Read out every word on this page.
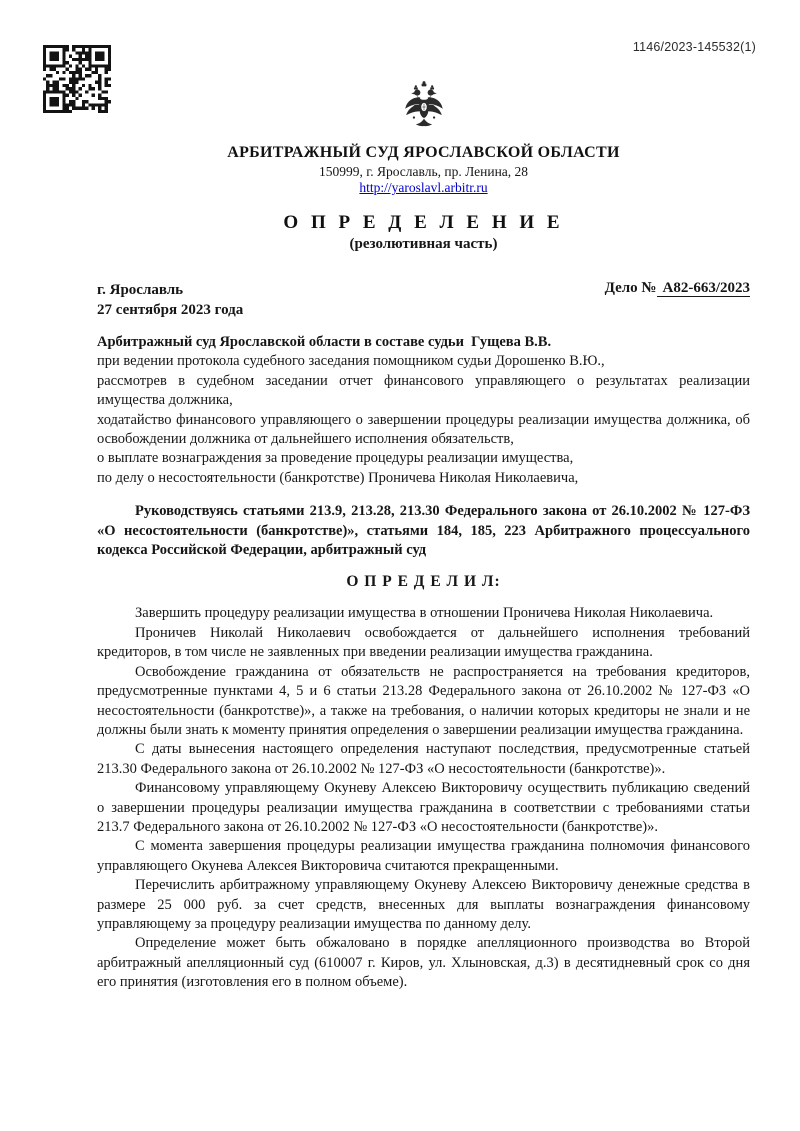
1146/2023-145532(1)
АРБИТРАЖНЫЙ СУД ЯРОСЛАВСКОЙ ОБЛАСТИ
150999, г. Ярославль, пр. Ленина, 28
http://yaroslavl.arbitr.ru
О П Р Е Д Е Л Е Н И Е
(резолютивная часть)
г. Ярославль
27 сентября 2023 года
Дело № А82-663/2023

Арбитражный суд Ярославской области в составе судьи  Гущева В.В.

при ведении протокола судебного заседания помощником судьи Дорошенко В.Ю.,

рассмотрев в судебном заседании отчет финансового управляющего о результатах реализации имущества должника,

ходатайство финансового управляющего о завершении процедуры реализации имущества должника, об освобождении должника от дальнейшего исполнения обязательств,

о выплате вознаграждения за проведение процедуры реализации имущества,

по делу о несостоятельности (банкротстве) Проничева Николая Николаевича,

Руководствуясь статьями 213.9, 213.28, 213.30 Федерального закона от 26.10.2002 № 127-ФЗ «О несостоятельности (банкротстве)», статьями 184, 185, 223 Арбитражного процессуального кодекса Российской Федерации, арбитражный суд
О П Р Е Д Е Л И Л:

Завершить процедуру реализации имущества в отношении Проничева Николая Николаевича.

Проничев Николай Николаевич освобождается от дальнейшего исполнения требований кредиторов, в том числе не заявленных при введении реализации имущества гражданина.

Освобождение гражданина от обязательств не распространяется на требования кредиторов, предусмотренные пунктами 4, 5 и 6 статьи 213.28 Федерального закона от 26.10.2002 № 127-ФЗ «О несостоятельности (банкротстве)», а также на требования, о наличии которых кредиторы не знали и не должны были знать к моменту принятия определения о завершении реализации имущества гражданина.

С даты вынесения настоящего определения наступают последствия, предусмотренные статьей 213.30 Федерального закона от 26.10.2002 № 127-ФЗ «О несостоятельности (банкротстве)».

Финансовому управляющему Окуневу Алексею Викторовичу осуществить публикацию сведений о завершении процедуры реализации имущества гражданина в соответствии с требованиями статьи 213.7 Федерального закона от 26.10.2002 № 127-ФЗ «О несостоятельности (банкротстве)».

С момента завершения процедуры реализации имущества гражданина полномочия финансового управляющего Окунева Алексея Викторовича считаются прекращенными.

Перечислить арбитражному управляющему Окуневу Алексею Викторовичу денежные средства в размере 25 000 руб. за счет средств, внесенных для выплаты вознаграждения финансовому управляющему за процедуру реализации имущества по данному делу.

Определение может быть обжаловано в порядке апелляционного производства во Второй арбитражный апелляционный суд (610007 г. Киров, ул. Хлыновская, д.3) в десятидневный срок со дня его принятия (изготовления его в полном объеме).
